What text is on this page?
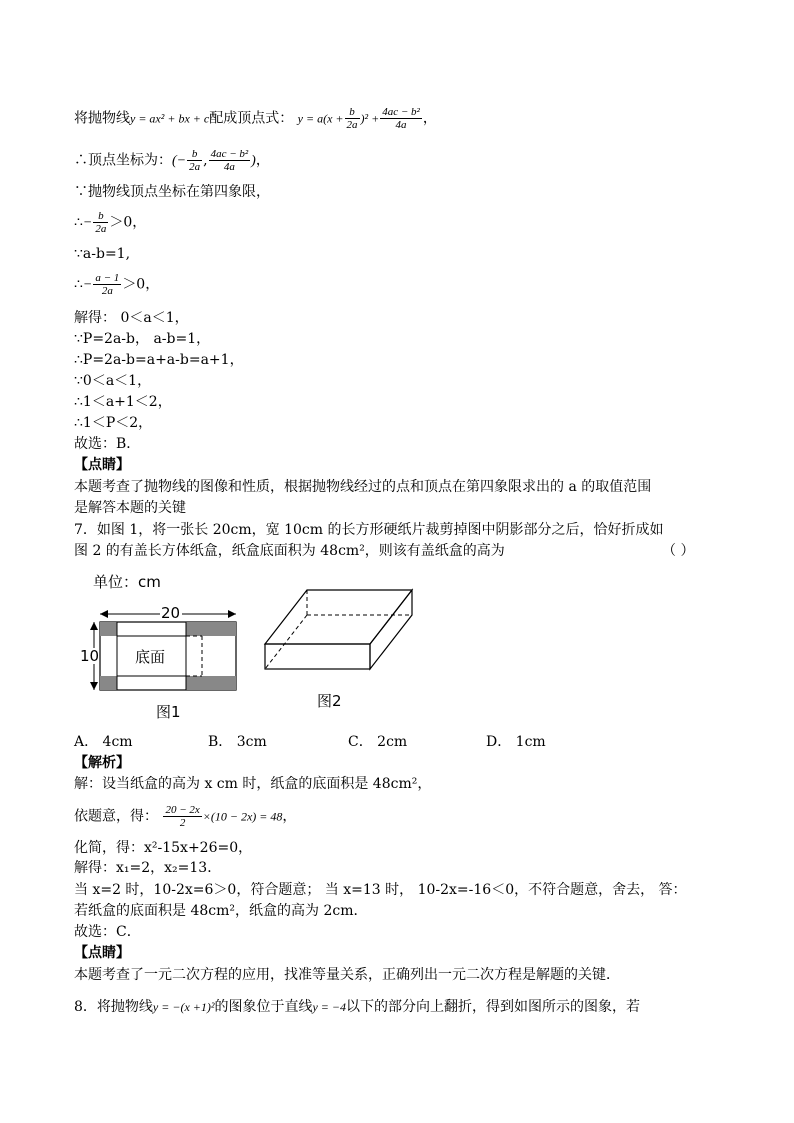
将抛物线y = ax² + bx + c配成顶点式： $y = a(x + \frac{b}{2a} )^2 + \frac{\text{4ac − b²}}{4a}$ ，
∴顶点坐标为：(− $\frac{b}{2a}$ , $\frac{\text{4ac − b²}}{4a}$ )，
∵抛物线顶点坐标在第四象限，
∴− $\frac{b}{2a} >0$，
∵a-b=1,
∴− $\frac{a - 1}{2a} >0$，
解得： 0＜a＜1，
∵P=2a-b， a-b=1，
∴P=2a-b=a+a-b=a+1，
∵0＜a＜1，
∴1＜a+1＜2，
∴1＜P＜2，
故选：B．
【点睛】
本题考查了抛物线的图像和性质，根据抛物线经过的点和顶点在第四象限求出的 a 的取值范围
是解答本题的关键
7．如图 1，将一张长 20cm，宽 10cm 的长方形硬纸片裁剪掉图中阴影部分之后，恰好折成如
图 2 的有盖长方体纸盒，纸盒底面积为 48cm²，则该有盖纸盒的高为	（ ）
单位：cm
20
10 底面
图1
图2
A． 4cm	B． 3cm	C． 2cm	D． 1cm
【解析】
解：设当纸盒的高为 x cm 时，纸盒的底面积是 48cm²，
依题意，得： $\frac{20 - 2x}{2} \times(10 - 2x) = 48$，
化简，得：x²-15x+26=0，
解得：x₁=2，x₂=13．
当 x=2 时，10-2x=6＞0，符合题意； 当 x=13 时， 10-2x=-16＜0，不符合题意，舍去， 答：
若纸盒的底面积是 48cm²，纸盒的高为 2cm．
故选：C．
【点睛】
本题考查了一元二次方程的应用，找准等量关系，正确列出一元二次方程是解题的关键．
8．将抛物线y = −(x +1)²的图象位于直线y = −4以下的部分向上翻折，得到如图所示的图象，若
